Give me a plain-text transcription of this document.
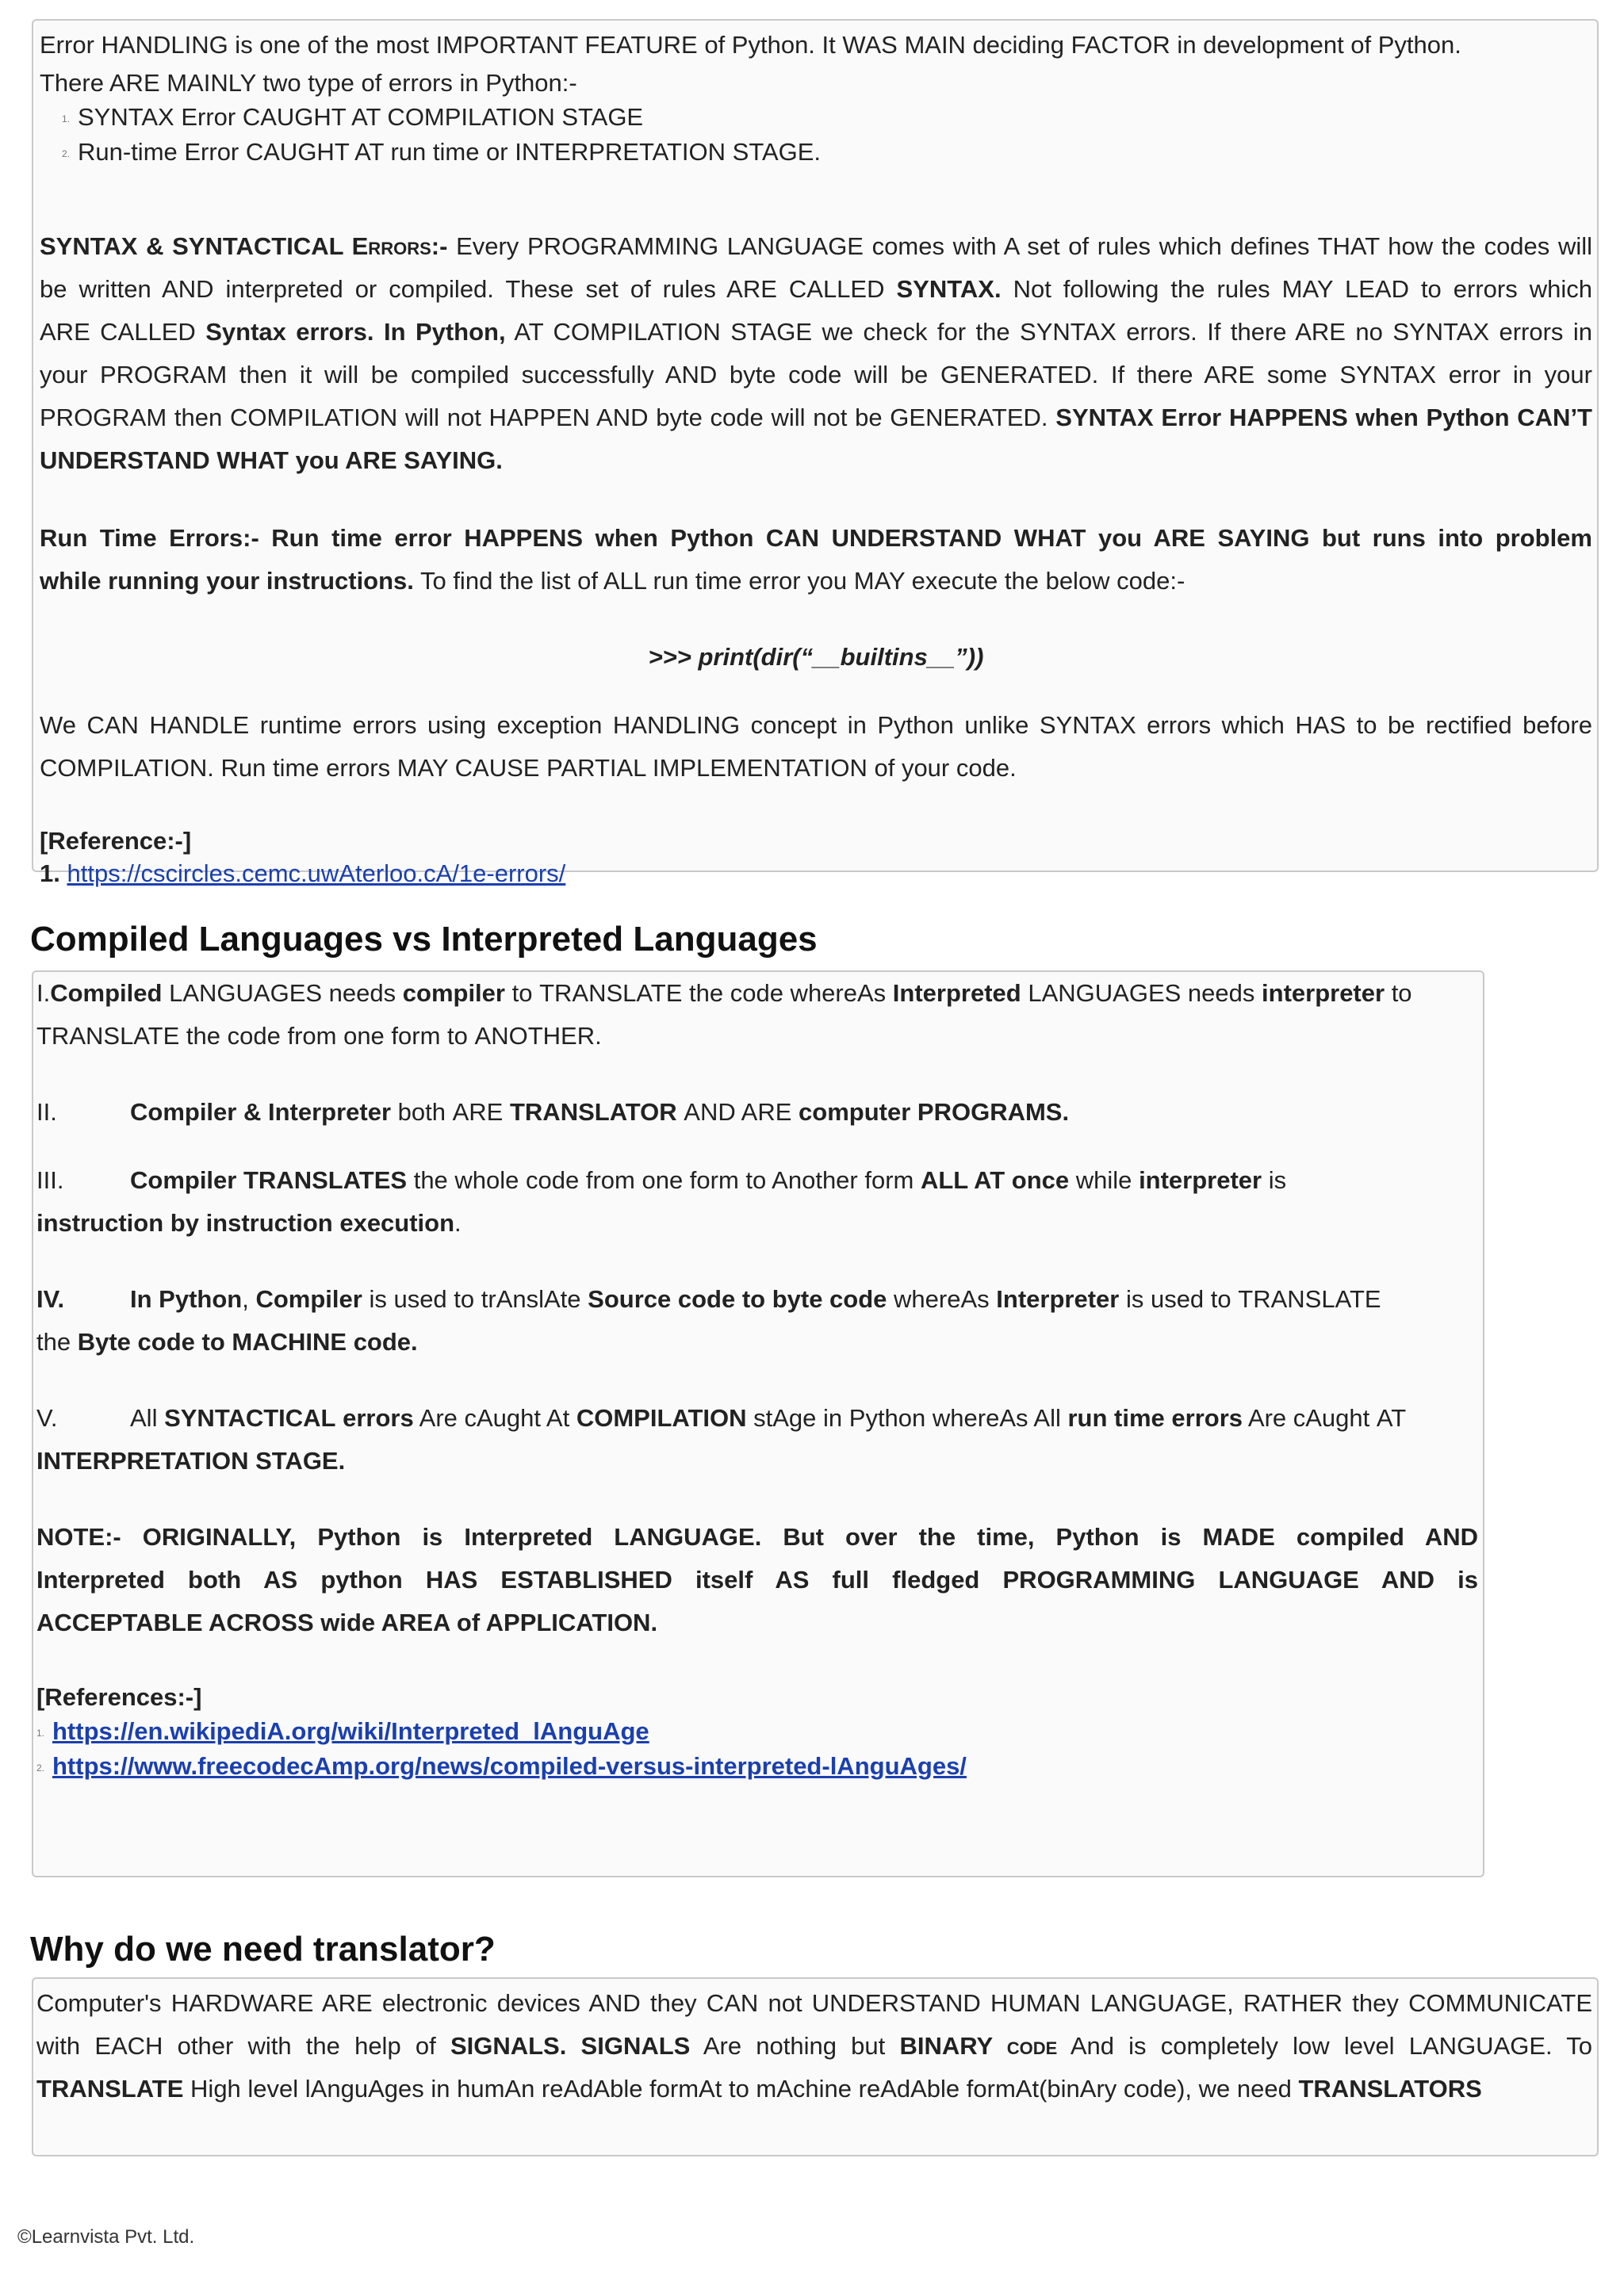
Error HANDLING is one of the most IMPORTANT FEATURE of Python. It WAS MAIN deciding FACTOR in development of Python.
There ARE MAINLY two type of errors in Python:-
1. SYNTAX Error CAUGHT AT COMPILATION STAGE
2. Run-time Error CAUGHT AT run time or INTERPRETATION STAGE.
SYNTAX & SYNTACTICAL Errors:- Every PROGRAMMING LANGUAGE comes with A set of rules which defines THAT how the codes will
be written AND interpreted or compiled. These set of rules ARE CALLED SYNTAX. Not following the rules MAY LEAD to errors which
ARE CALLED Syntax errors. In Python, AT COMPILATION STAGE we check for the SYNTAX errors. If there ARE no SYNTAX errors in
your PROGRAM then it will be compiled successfully AND byte code will be GENERATED. If there ARE some SYNTAX error in your
PROGRAM then COMPILATION will not HAPPEN AND byte code will not be GENERATED. SYNTAX Error HAPPENS when Python CAN’T
UNDERSTAND WHAT you ARE SAYING.
Run Time Errors:- Run time error HAPPENS when Python CAN UNDERSTAND WHAT you ARE SAYING but runs into problem
while running your instructions. To find the list of ALL run time error you MAY execute the below code:-
>>> print(dir(“__builtins__”))
We CAN HANDLE runtime errors using exception HANDLING concept in Python unlike SYNTAX errors which HAS to be rectified before
COMPILATION. Run time errors MAY CAUSE PARTIAL IMPLEMENTATION of your code.
[Reference:-]
1. https://cscircles.cemc.uwAterloo.cA/1e-errors/
Compiled Languages vs Interpreted Languages
I.Compiled LANGUAGES needs compiler to TRANSLATE the code whereAs Interpreted LANGUAGES needs interpreter to
TRANSLATE the code from one form to ANOTHER.
II.	Compiler & Interpreter both ARE TRANSLATOR AND ARE computer PROGRAMS.
III.	Compiler TRANSLATES the whole code from one form to Another form ALL AT once while interpreter is
instruction by instruction execution.
IV.	In Python, Compiler is used to trAnslAte Source code to byte code whereAs Interpreter is used to TRANSLATE
the Byte code to MACHINE code.
V.	All SYNTACTICAL errors Are cAught At COMPILATION stAge in Python whereAs All run time errors Are cAught AT
INTERPRETATION STAGE.
NOTE:- ORIGINALLY, Python is Interpreted LANGUAGE. But over the time, Python is MADE compiled AND
Interpreted both AS python HAS ESTABLISHED itself AS full fledged PROGRAMMING LANGUAGE AND is
ACCEPTABLE ACROSS wide AREA of APPLICATION.
[References:-]
1. https://en.wikipediA.org/wiki/Interpreted_lAnguAge
2. https://www.freecodecAmp.org/news/compiled-versus-interpreted-lAnguAges/
Why do we need translator?
Computer's HARDWARE ARE electronic devices AND they CAN not UNDERSTAND HUMAN LANGUAGE, RATHER they COMMUNICATE
with EACH other with the help of SIGNALS. SIGNALS Are nothing but BINARY code And is completely low level LANGUAGE. To
TRANSLATE High level lAnguAges in humAn reAdAble formAt to mAchine reAdAble formAt(binAry code), we need TRANSLATORS
©Learnvista Pvt. Ltd.
